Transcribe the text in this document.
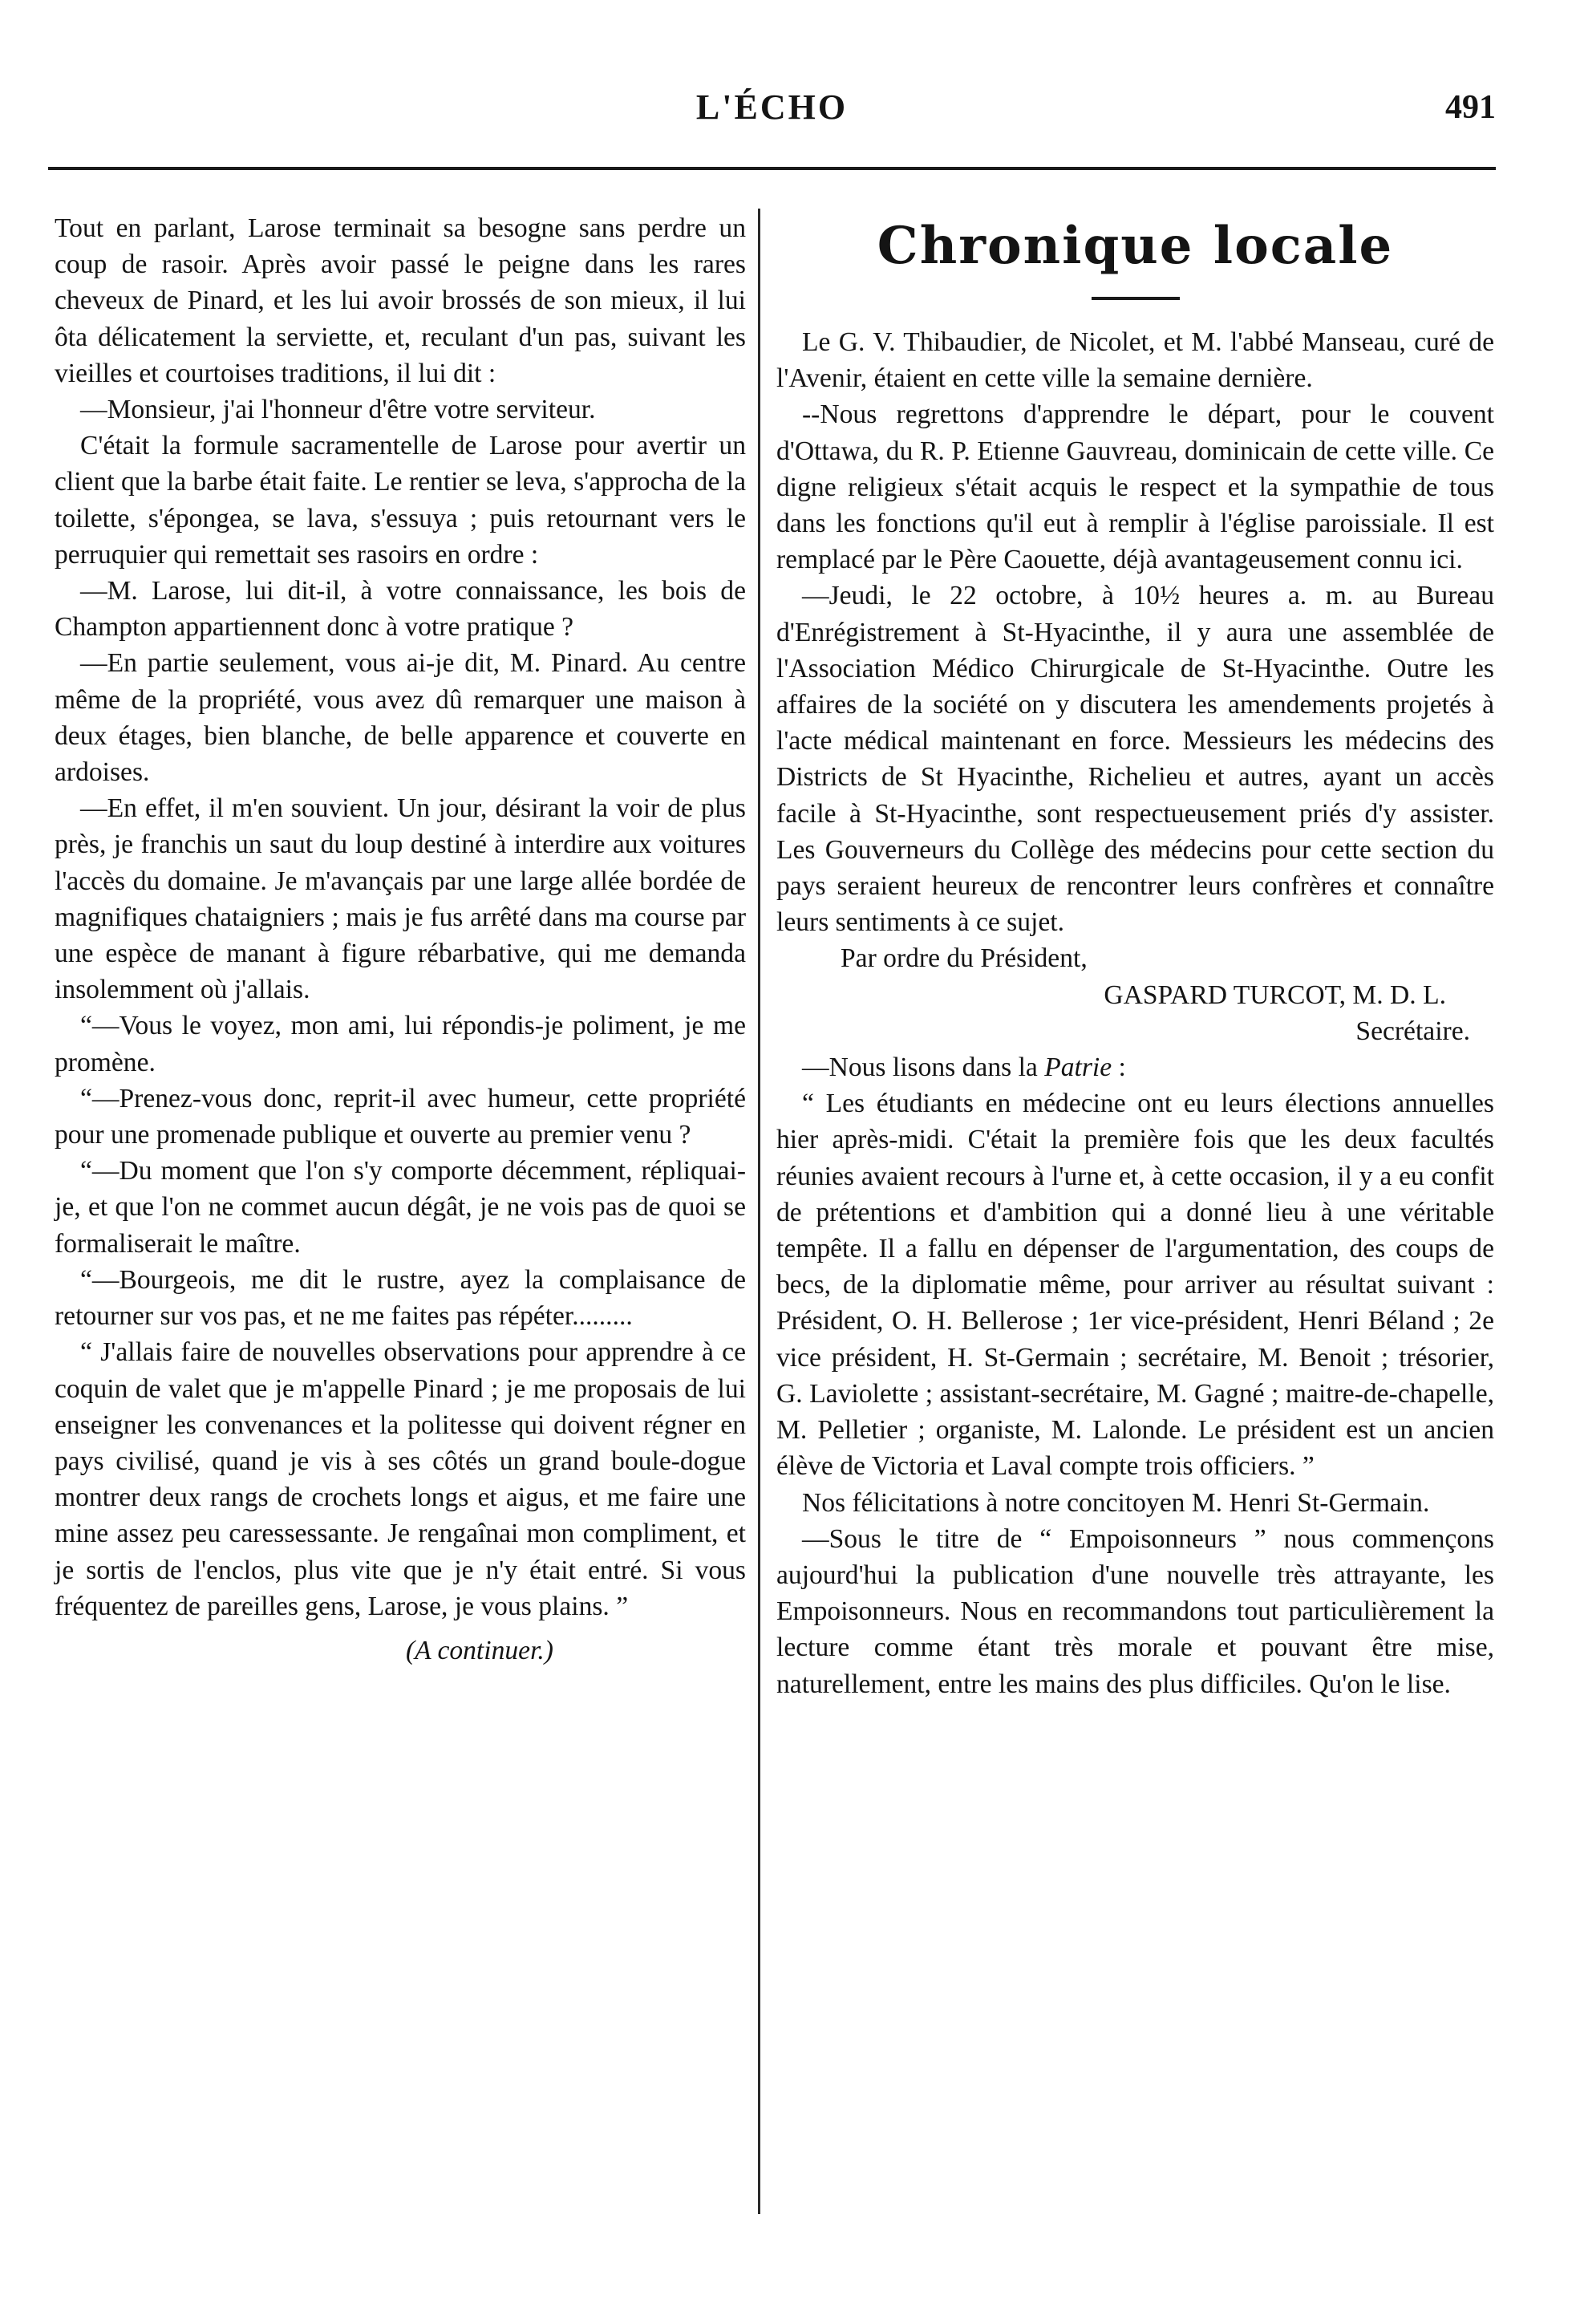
L'ÉCHO	491

Tout en parlant, Larose terminait sa besogne sans perdre un coup de rasoir. Après avoir passé le peigne dans les rares cheveux de Pinard, et les lui avoir brossés de son mieux, il lui ôta délicatement la serviette, et, reculant d'un pas, suivant les vieilles et courtoises traditions, il lui dit :

—Monsieur, j'ai l'honneur d'être votre serviteur.

C'était la formule sacramentelle de Larose pour avertir un client que la barbe était faite. Le rentier se leva, s'approcha de la toilette, s'épongea, se lava, s'essuya ; puis retournant vers le perruquier qui remettait ses rasoirs en ordre :

—M. Larose, lui dit-il, à votre connaissance, les bois de Champton appartiennent donc à votre pratique ?

—En partie seulement, vous ai-je dit, M. Pinard. Au centre même de la propriété, vous avez dû remarquer une maison à deux étages, bien blanche, de belle apparence et couverte en ardoises.

—En effet, il m'en souvient. Un jour, désirant la voir de plus près, je franchis un saut du loup destiné à interdire aux voitures l'accès du domaine. Je m'avançais par une large allée bordée de magnifiques chataigniers ; mais je fus arrêté dans ma course par une espèce de manant à figure rébarbative, qui me demanda insolemment où j'allais.

“—Vous le voyez, mon ami, lui répondis-je poliment, je me promène.

“—Prenez-vous donc, reprit-il avec humeur, cette propriété pour une promenade publique et ouverte au premier venu ?

“—Du moment que l'on s'y comporte décemment, répliquai-je, et que l'on ne commet aucun dégât, je ne vois pas de quoi se formaliserait le maître.

“—Bourgeois, me dit le rustre, ayez la complaisance de retourner sur vos pas, et ne me faites pas répéter.........

“ J'allais faire de nouvelles observations pour apprendre à ce coquin de valet que je m'appelle Pinard ; je me proposais de lui enseigner les convenances et la politesse qui doivent régner en pays civilisé, quand je vis à ses côtés un grand boule-dogue montrer deux rangs de crochets longs et aigus, et me faire une mine assez peu caressessante. Je rengaînai mon compliment, et je sortis de l'enclos, plus vite que je n'y était entré. Si vous fréquentez de pareilles gens, Larose, je vous plains. ”

(A continuer.)

Chronique locale

Le G. V. Thibaudier, de Nicolet, et M. l'abbé Manseau, curé de l'Avenir, étaient en cette ville la semaine dernière.

--Nous regrettons d'apprendre le départ, pour le couvent d'Ottawa, du R. P. Etienne Gauvreau, dominicain de cette ville. Ce digne religieux s'était acquis le respect et la sympathie de tous dans les fonctions qu'il eut à remplir à l'église paroissiale. Il est remplacé par le Père Caouette, déjà avantageusement connu ici.

—Jeudi, le 22 octobre, à 10½ heures a. m. au Bureau d'Enrégistrement à St-Hyacinthe, il y aura une assemblée de l'Association Médico Chirurgicale de St-Hyacinthe. Outre les affaires de la société on y discutera les amendements projetés à l'acte médical maintenant en force. Messieurs les médecins des Districts de St Hyacinthe, Richelieu et autres, ayant un accès facile à St-Hyacinthe, sont respectueusement priés d'y assister. Les Gouverneurs du Collège des médecins pour cette section du pays seraient heureux de rencontrer leurs confrères et connaître leurs sentiments à ce sujet.

Par ordre du Président,

GASPARD TURCOT, M. D. L.

Secrétaire.

—Nous lisons dans la Patrie :

“ Les étudiants en médecine ont eu leurs élections annuelles hier après-midi. C'était la première fois que les deux facultés réunies avaient recours à l'urne et, à cette occasion, il y a eu confit de prétentions et d'ambition qui a donné lieu à une véritable tempête. Il a fallu en dépenser de l'argumentation, des coups de becs, de la diplomatie même, pour arriver au résultat suivant : Président, O. H. Bellerose ; 1er vice-président, Henri Béland ; 2e vice président, H. St-Germain ; secrétaire, M. Benoit ; trésorier, G. Laviolette ; assistant-secrétaire, M. Gagné ; maitre-de-chapelle, M. Pelletier ; organiste, M. Lalonde. Le président est un ancien élève de Victoria et Laval compte trois officiers. ”

Nos félicitations à notre concitoyen M. Henri St-Germain.

—Sous le titre de “ Empoisonneurs ” nous commençons aujourd'hui la publication d'une nouvelle très attrayante, les Empoisonneurs. Nous en recommandons tout particulièrement la lecture comme étant très morale et pouvant être mise, naturellement, entre les mains des plus difficiles. Qu'on le lise.
